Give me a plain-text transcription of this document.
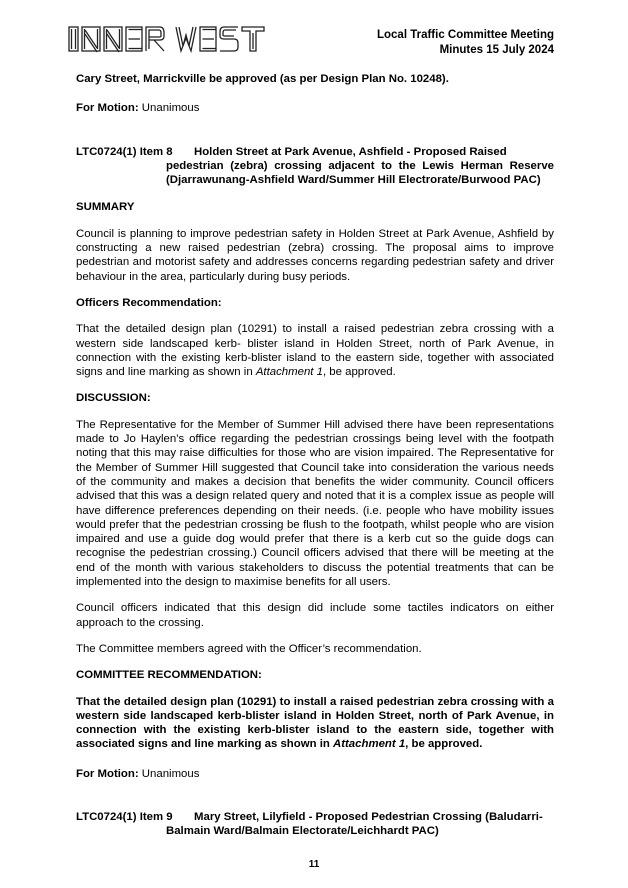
Local Traffic Committee Meeting
Minutes 15 July 2024

Cary Street, Marrickville be approved (as per Design Plan No. 10248).

For Motion: Unanimous

LTC0724(1) Item 8	Holden Street at Park Avenue, Ashfield - Proposed Raised
pedestrian (zebra) crossing adjacent to the Lewis Herman Reserve (Djarrawunang-Ashfield Ward/Summer Hill Electrorate/Burwood PAC)

SUMMARY

Council is planning to improve pedestrian safety in Holden Street at Park Avenue, Ashfield by constructing a new raised pedestrian (zebra) crossing. The proposal aims to improve pedestrian and motorist safety and addresses concerns regarding pedestrian safety and driver behaviour in the area, particularly during busy periods.

Officers Recommendation:

That the detailed design plan (10291) to install a raised pedestrian zebra crossing with a western side landscaped kerb- blister island in Holden Street, north of Park Avenue, in connection with the existing kerb-blister island to the eastern side, together with associated signs and line marking as shown in Attachment 1, be approved.

DISCUSSION:

The Representative for the Member of Summer Hill advised there have been representations made to Jo Haylen’s office regarding the pedestrian crossings being level with the footpath noting that this may raise difficulties for those who are vision impaired. The Representative for the Member of Summer Hill suggested that Council take into consideration the various needs of the community and makes a decision that benefits the wider community. Council officers advised that this was a design related query and noted that it is a complex issue as people will have difference preferences depending on their needs. (i.e. people who have mobility issues would prefer that the pedestrian crossing be flush to the footpath, whilst people who are vision impaired and use a guide dog would prefer that there is a kerb cut so the guide dogs can recognise the pedestrian crossing.) Council officers advised that there will be meeting at the end of the month with various stakeholders to discuss the potential treatments that can be implemented into the design to maximise benefits for all users.

Council officers indicated that this design did include some tactiles indicators on either approach to the crossing.

The Committee members agreed with the Officer’s recommendation.

COMMITTEE RECOMMENDATION:

That the detailed design plan (10291) to install a raised pedestrian zebra crossing with a western side landscaped kerb-blister island in Holden Street, north of Park Avenue, in connection with the existing kerb-blister island to the eastern side, together with associated signs and line marking as shown in Attachment 1, be approved.

For Motion: Unanimous

LTC0724(1) Item 9	Mary Street, Lilyfield - Proposed Pedestrian Crossing (Baludarri-
Balmain Ward/Balmain Electorate/Leichhardt PAC)
11
